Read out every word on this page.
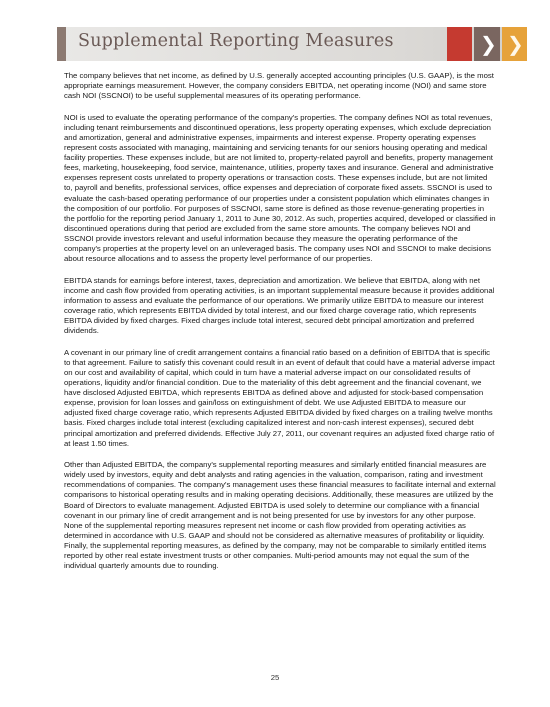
Supplemental Reporting Measures	❯ ❯

The company believes that net income, as defined by U.S. generally accepted accounting principles (U.S. GAAP), is the most appropriate earnings measurement. However, the company considers EBITDA, net operating income (NOI) and same store cash NOI (SSCNOI) to be useful supplemental measures of its operating performance.

NOI is used to evaluate the operating performance of the company's properties. The company defines NOI as total revenues, including tenant reimbursements and discontinued operations, less property operating expenses, which exclude depreciation and amortization, general and administrative expenses, impairments and interest expense. Property operating expenses represent costs associated with managing, maintaining and servicing tenants for our seniors housing operating and medical facility properties. These expenses include, but are not limited to, property-related payroll and benefits, property management fees, marketing, housekeeping, food service, maintenance, utilities, property taxes and insurance. General and administrative expenses represent costs unrelated to property operations or transaction costs. These expenses include, but are not limited to, payroll and benefits, professional services, office expenses and depreciation of corporate fixed assets. SSCNOI is used to evaluate the cash-based operating performance of our properties under a consistent population which eliminates changes in the composition of our portfolio. For purposes of SSCNOI, same store is defined as those revenue-generating properties in the portfolio for the reporting period January 1, 2011 to June 30, 2012. As such, properties acquired, developed or classified in discontinued operations during that period are excluded from the same store amounts. The company believes NOI and SSCNOI provide investors relevant and useful information because they measure the operating performance of the company's properties at the property level on an unleveraged basis. The company uses NOI and SSCNOI to make decisions about resource allocations and to assess the property level performance of our properties.

EBITDA stands for earnings before interest, taxes, depreciation and amortization. We believe that EBITDA, along with net income and cash flow provided from operating activities, is an important supplemental measure because it provides additional information to assess and evaluate the performance of our operations. We primarily utilize EBITDA to measure our interest coverage ratio, which represents EBITDA divided by total interest, and our fixed charge coverage ratio, which represents EBITDA divided by fixed charges. Fixed charges include total interest, secured debt principal amortization and preferred dividends.

A covenant in our primary line of credit arrangement contains a financial ratio based on a definition of EBITDA that is specific to that agreement. Failure to satisfy this covenant could result in an event of default that could have a material adverse impact on our cost and availability of capital, which could in turn have a material adverse impact on our consolidated results of operations, liquidity and/or financial condition. Due to the materiality of this debt agreement and the financial covenant, we have disclosed Adjusted EBITDA, which represents EBITDA as defined above and adjusted for stock-based compensation expense, provision for loan losses and gain/loss on extinguishment of debt. We use Adjusted EBITDA to measure our adjusted fixed charge coverage ratio, which represents Adjusted EBITDA divided by fixed charges on a trailing twelve months basis. Fixed charges include total interest (excluding capitalized interest and non-cash interest expenses), secured debt principal amortization and preferred dividends. Effective July 27, 2011, our covenant requires an adjusted fixed charge ratio of at least 1.50 times.

Other than Adjusted EBITDA, the company's supplemental reporting measures and similarly entitled financial measures are widely used by investors, equity and debt analysts and rating agencies in the valuation, comparison, rating and investment recommendations of companies. The company's management uses these financial measures to facilitate internal and external comparisons to historical operating results and in making operating decisions. Additionally, these measures are utilized by the Board of Directors to evaluate management. Adjusted EBITDA is used solely to determine our compliance with a financial covenant in our primary line of credit arrangement and is not being presented for use by investors for any other purpose. None of the supplemental reporting measures represent net income or cash flow provided from operating activities as determined in accordance with U.S. GAAP and should not be considered as alternative measures of profitability or liquidity. Finally, the supplemental reporting measures, as defined by the company, may not be comparable to similarly entitled items reported by other real estate investment trusts or other companies. Multi-period amounts may not equal the sum of the individual quarterly amounts due to rounding.

25
